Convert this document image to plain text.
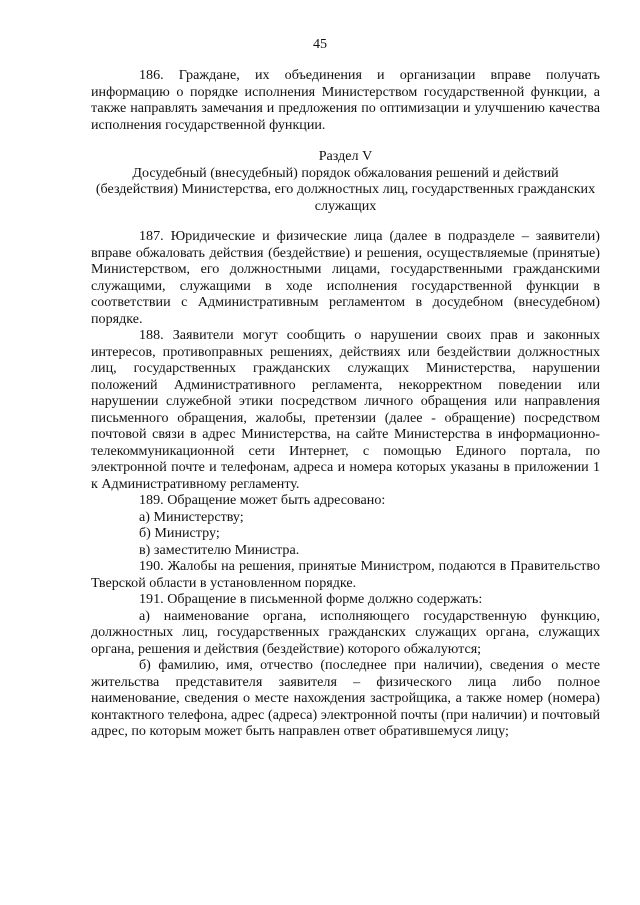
45

186. Граждане, их объединения и организации вправе получать информацию о порядке исполнения Министерством государственной функции, а также направлять замечания и предложения по оптимизации и улучшению качества исполнения государственной функции.

Раздел V

Досудебный (внесудебный) порядок обжалования решений и действий (бездействия) Министерства, его должностных лиц, государственных гражданских служащих

187. Юридические и физические лица (далее в подразделе – заявители) вправе обжаловать действия (бездействие) и решения, осуществляемые (принятые) Министерством, его должностными лицами, государственными гражданскими служащими, служащими в ходе исполнения государственной функции в соответствии с Административным регламентом в досудебном (внесудебном) порядке.

188. Заявители могут сообщить о нарушении своих прав и законных интересов, противоправных решениях, действиях или бездействии должностных лиц, государственных гражданских служащих Министерства, нарушении положений Административного регламента, некорректном поведении или нарушении служебной этики посредством личного обращения или направления письменного обращения, жалобы, претензии (далее - обращение) посредством почтовой связи в адрес Министерства, на сайте Министерства в информационно-телекоммуникационной сети Интернет, с помощью Единого портала, по электронной почте и телефонам, адреса и номера которых указаны в приложении 1 к Административному регламенту.

189. Обращение может быть адресовано:

а) Министерству;

б) Министру;

в) заместителю Министра.

190. Жалобы на решения, принятые Министром, подаются в Правительство Тверской области в установленном порядке.

191. Обращение в письменной форме должно содержать:

а) наименование органа, исполняющего государственную функцию, должностных лиц, государственных гражданских служащих органа, служащих органа, решения и действия (бездействие) которого обжалуются;

б) фамилию, имя, отчество (последнее при наличии), сведения о месте жительства представителя заявителя – физического лица либо полное наименование, сведения о месте нахождения застройщика, а также номер (номера) контактного телефона, адрес (адреса) электронной почты (при наличии) и почтовый адрес, по которым может быть направлен ответ обратившемуся лицу;
